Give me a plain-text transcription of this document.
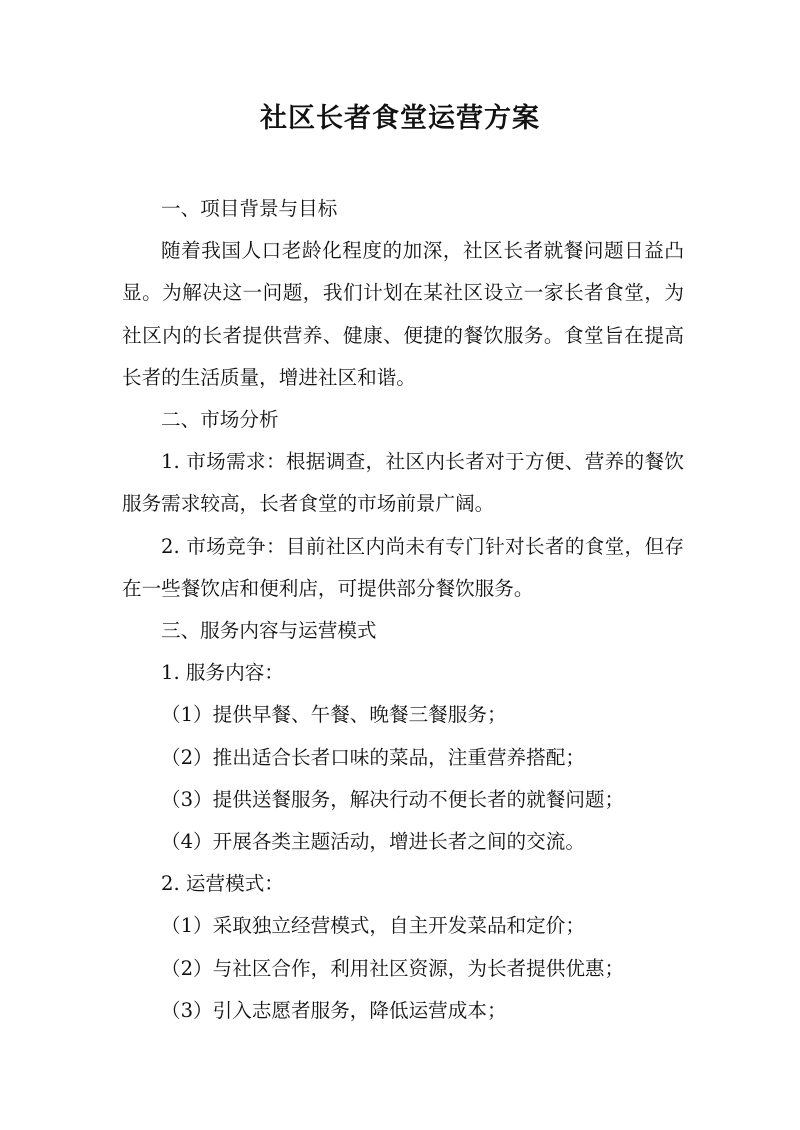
社区长者食堂运营方案

一、项目背景与目标

随着我国人口老龄化程度的加深，社区长者就餐问题日益凸显。为解决这一问题，我们计划在某社区设立一家长者食堂，为社区内的长者提供营养、健康、便捷的餐饮服务。食堂旨在提高长者的生活质量，增进社区和谐。

二、市场分析

1. 市场需求：根据调查，社区内长者对于方便、营养的餐饮服务需求较高，长者食堂的市场前景广阔。

2. 市场竞争：目前社区内尚未有专门针对长者的食堂，但存在一些餐饮店和便利店，可提供部分餐饮服务。

三、服务内容与运营模式

1. 服务内容：

（1）提供早餐、午餐、晚餐三餐服务；

（2）推出适合长者口味的菜品，注重营养搭配；

（3）提供送餐服务，解决行动不便长者的就餐问题；

（4）开展各类主题活动，增进长者之间的交流。

2. 运营模式：

（1）采取独立经营模式，自主开发菜品和定价；

（2）与社区合作，利用社区资源，为长者提供优惠；

（3）引入志愿者服务，降低运营成本；
